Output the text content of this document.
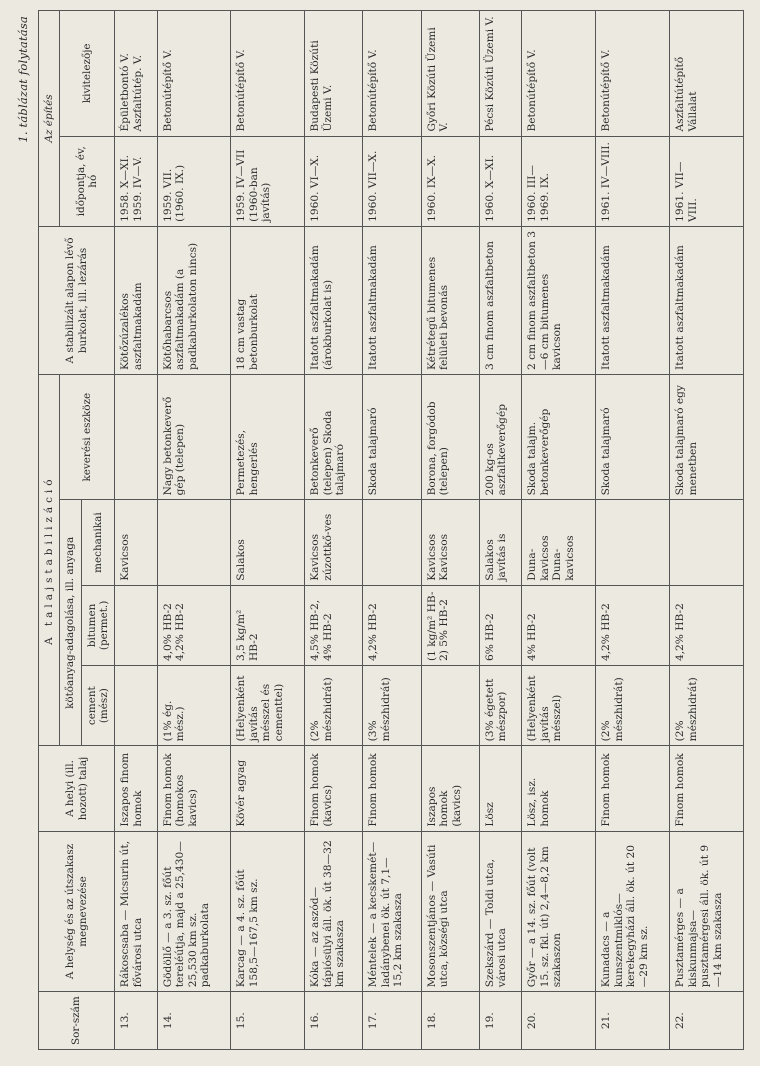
1. táblázat folytatása
Sor-szám	A helység és az útszakasz megnevezése	A helyi (ill. hozott) talaj	A talajstabilizáció				A stabilizált alapon lévő burkolat, ill. lezárás	Az építés	
			kötőanyag-adagolása, ill. anyaga			keverési eszköze		időpontja, év, hó	kivitelezője
			cement (mész)	bitumen (permet.)	mechanikai				
13.	Rákoscsaba — Micsurin út, fővárosi utca	Iszapos finom homok			Kavicsos		Kötőzúzalékos aszfaltmakadám	1958. X—XI. 1959. IV—V.	Épületbontó V. Aszfaltútép. V.
14.	Gödöllő — a 3. sz. főút tereléútja, majd a 25,430—25,530 km sz. padkaburkolata	Finom homok (homokos kavics)	(1% ég. mész.)	4,0% HB-2 4,2% HB-2		Nagy betonkeverő gép (telepen)	Kötőhabarcsos aszfaltmakadám (a padkaburkolaton nincs)	1959. VII. (1960. IX.)	Betonútépítő V.
15.	Karcag — a 4. sz. főút 158,5—167,5 km sz.	Kövér agyag	(Helyenként javítás mésszel és cementtel)	3,5 kg/m² HB-2	Salakos	Permetezés, hengerlés	18 cm vastag betonburkolat	1959. IV—VII (1960-ban javítás)	Betonútépítő V.
16.	Kóka — az aszód—tápiósülyi áll. ök. út 38—32 km szakasza	Finom homok (kavics)	(2% mészhidrát)	4,5% HB-2, 4% HB-2	Kavicsos zúzottkő-ves	Betonkeverő (telepen) Skoda talajmaró	Itatott aszfaltmakadám (árokburkolat is)	1960. VI—X.	Budapesti Közúti Üzemi V.
17.	Méntelek — a kecskemét—ladánybenei ök. út 7,1—15,2 km szakasza	Finom homok	(3% mészhidrát)	4,2% HB-2		Skoda talajmaró	Itatott aszfaltmakadám	1960. VII—X.	Betonútépítő V.
18.	Mosonszentjános — Vasúti utca, községi utca	Iszapos homok (kavics)		(1 kg/m² HB-2) 5% HB-2	Kavicsos Kavicsos	Borona, forgódob (telepen)	Kétrétegű bitumenes felületi bevonás	1960. IX—X.	Győri Közúti Üzemi V.
19.	Szekszárd — Toldi utca, városi utca	Lösz	(3% égetett mészpor)	6% HB-2	Salakos javítás is	200 kg-os aszfaltkeverőgép	3 cm finom aszfaltbeton	1960. X—XI.	Pécsi Közúti Üzemi V.
20.	Győr — a 14. sz. főút (volt 15. sz. fkl. út) 2,4—8,2 km szakaszon	Lösz, isz. homok	(Helyenként javítás mésszel)	4% HB-2	Duna-kavicsos Duna-kavicsos	Skoda talajm. betonkeverőgép	2 cm finom aszfaltbeton 3—6 cm bitumenes kavicson	1960. III— 1969. IX.	Betonútépítő V.
21.	Kunadacs — a kunszentmiklós—kerekegyházi áll. ök. út 20—29 km sz.	Finom homok	(2% mészhidrát)	4,2% HB-2		Skoda talajmaró	Itatott aszfaltmakadám	1961. IV—VIII.	Betonútépítő V.
22.	Pusztamérges — a kiskunmajsa—pusztamérgesi áll. ök. út 9—14 km szakasza	Finom homok	(2% mészhidrát)	4,2% HB-2		Skoda talajmaró egy menetben	Itatott aszfaltmakadám	1961. VII—VIII.	Aszfaltútépítő Vállalat
